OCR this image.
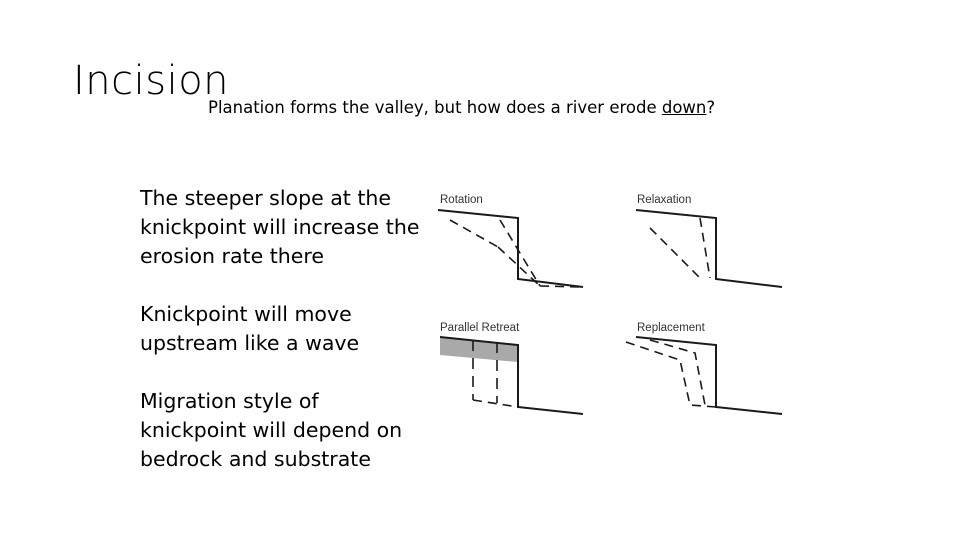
Incision
Planation forms the valley, but how does a river erode down?
The steeper slope at the knickpoint will increase the erosion rate there
Knickpoint will move upstream like a wave
Migration style of knickpoint will depend on bedrock and substrate
Rotation	Relaxation
Parallel Retreat	Replacement
